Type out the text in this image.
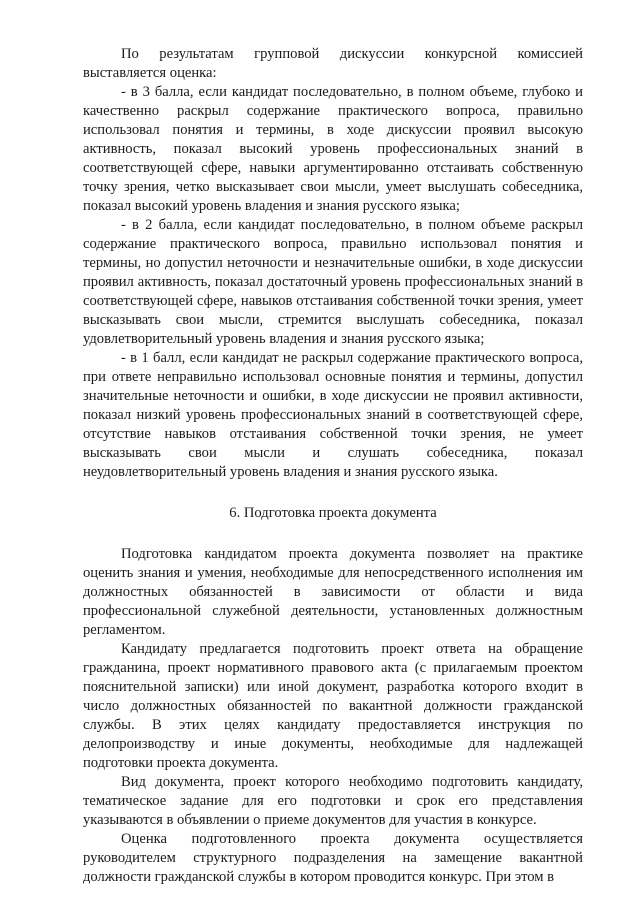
По результатам групповой дискуссии конкурсной комиссией выставляется оценка:

- в 3 балла, если кандидат последовательно, в полном объеме, глубоко и качественно раскрыл содержание практического вопроса, правильно использовал понятия и термины, в ходе дискуссии проявил высокую активность, показал высокий уровень профессиональных знаний в соответствующей сфере, навыки аргументированно отстаивать собственную точку зрения, четко высказывает свои мысли, умеет выслушать собеседника, показал высокий уровень владения и знания русского языка;

- в 2 балла, если кандидат последовательно, в полном объеме раскрыл содержание практического вопроса, правильно использовал понятия и термины, но допустил неточности и незначительные ошибки, в ходе дискуссии проявил активность, показал достаточный уровень профессиональных знаний в соответствующей сфере, навыков отстаивания собственной точки зрения, умеет высказывать свои мысли, стремится выслушать собеседника, показал удовлетворительный уровень владения и знания русского языка;

- в 1 балл, если кандидат не раскрыл содержание практического вопроса, при ответе неправильно использовал основные понятия и термины, допустил значительные неточности и ошибки, в ходе дискуссии не проявил активности, показал низкий уровень профессиональных знаний в соответствующей сфере, отсутствие навыков отстаивания собственной точки зрения, не умеет высказывать свои мысли и слушать собеседника, показал неудовлетворительный уровень владения и знания русского языка.

6. Подготовка проекта документа

Подготовка кандидатом проекта документа позволяет на практике оценить знания и умения, необходимые для непосредственного исполнения им должностных обязанностей в зависимости от области и вида профессиональной служебной деятельности, установленных должностным регламентом.

Кандидату предлагается подготовить проект ответа на обращение гражданина, проект нормативного правового акта (с прилагаемым проектом пояснительной записки) или иной документ, разработка которого входит в число должностных обязанностей по вакантной должности гражданской службы. В этих целях кандидату предоставляется инструкция по делопроизводству и иные документы, необходимые для надлежащей подготовки проекта документа.

Вид документа, проект которого необходимо подготовить кандидату, тематическое задание для его подготовки и срок его представления указываются в объявлении о приеме документов для участия в конкурсе.

Оценка подготовленного проекта документа осуществляется руководителем структурного подразделения на замещение вакантной должности гражданской службы в котором проводится конкурс. При этом в
